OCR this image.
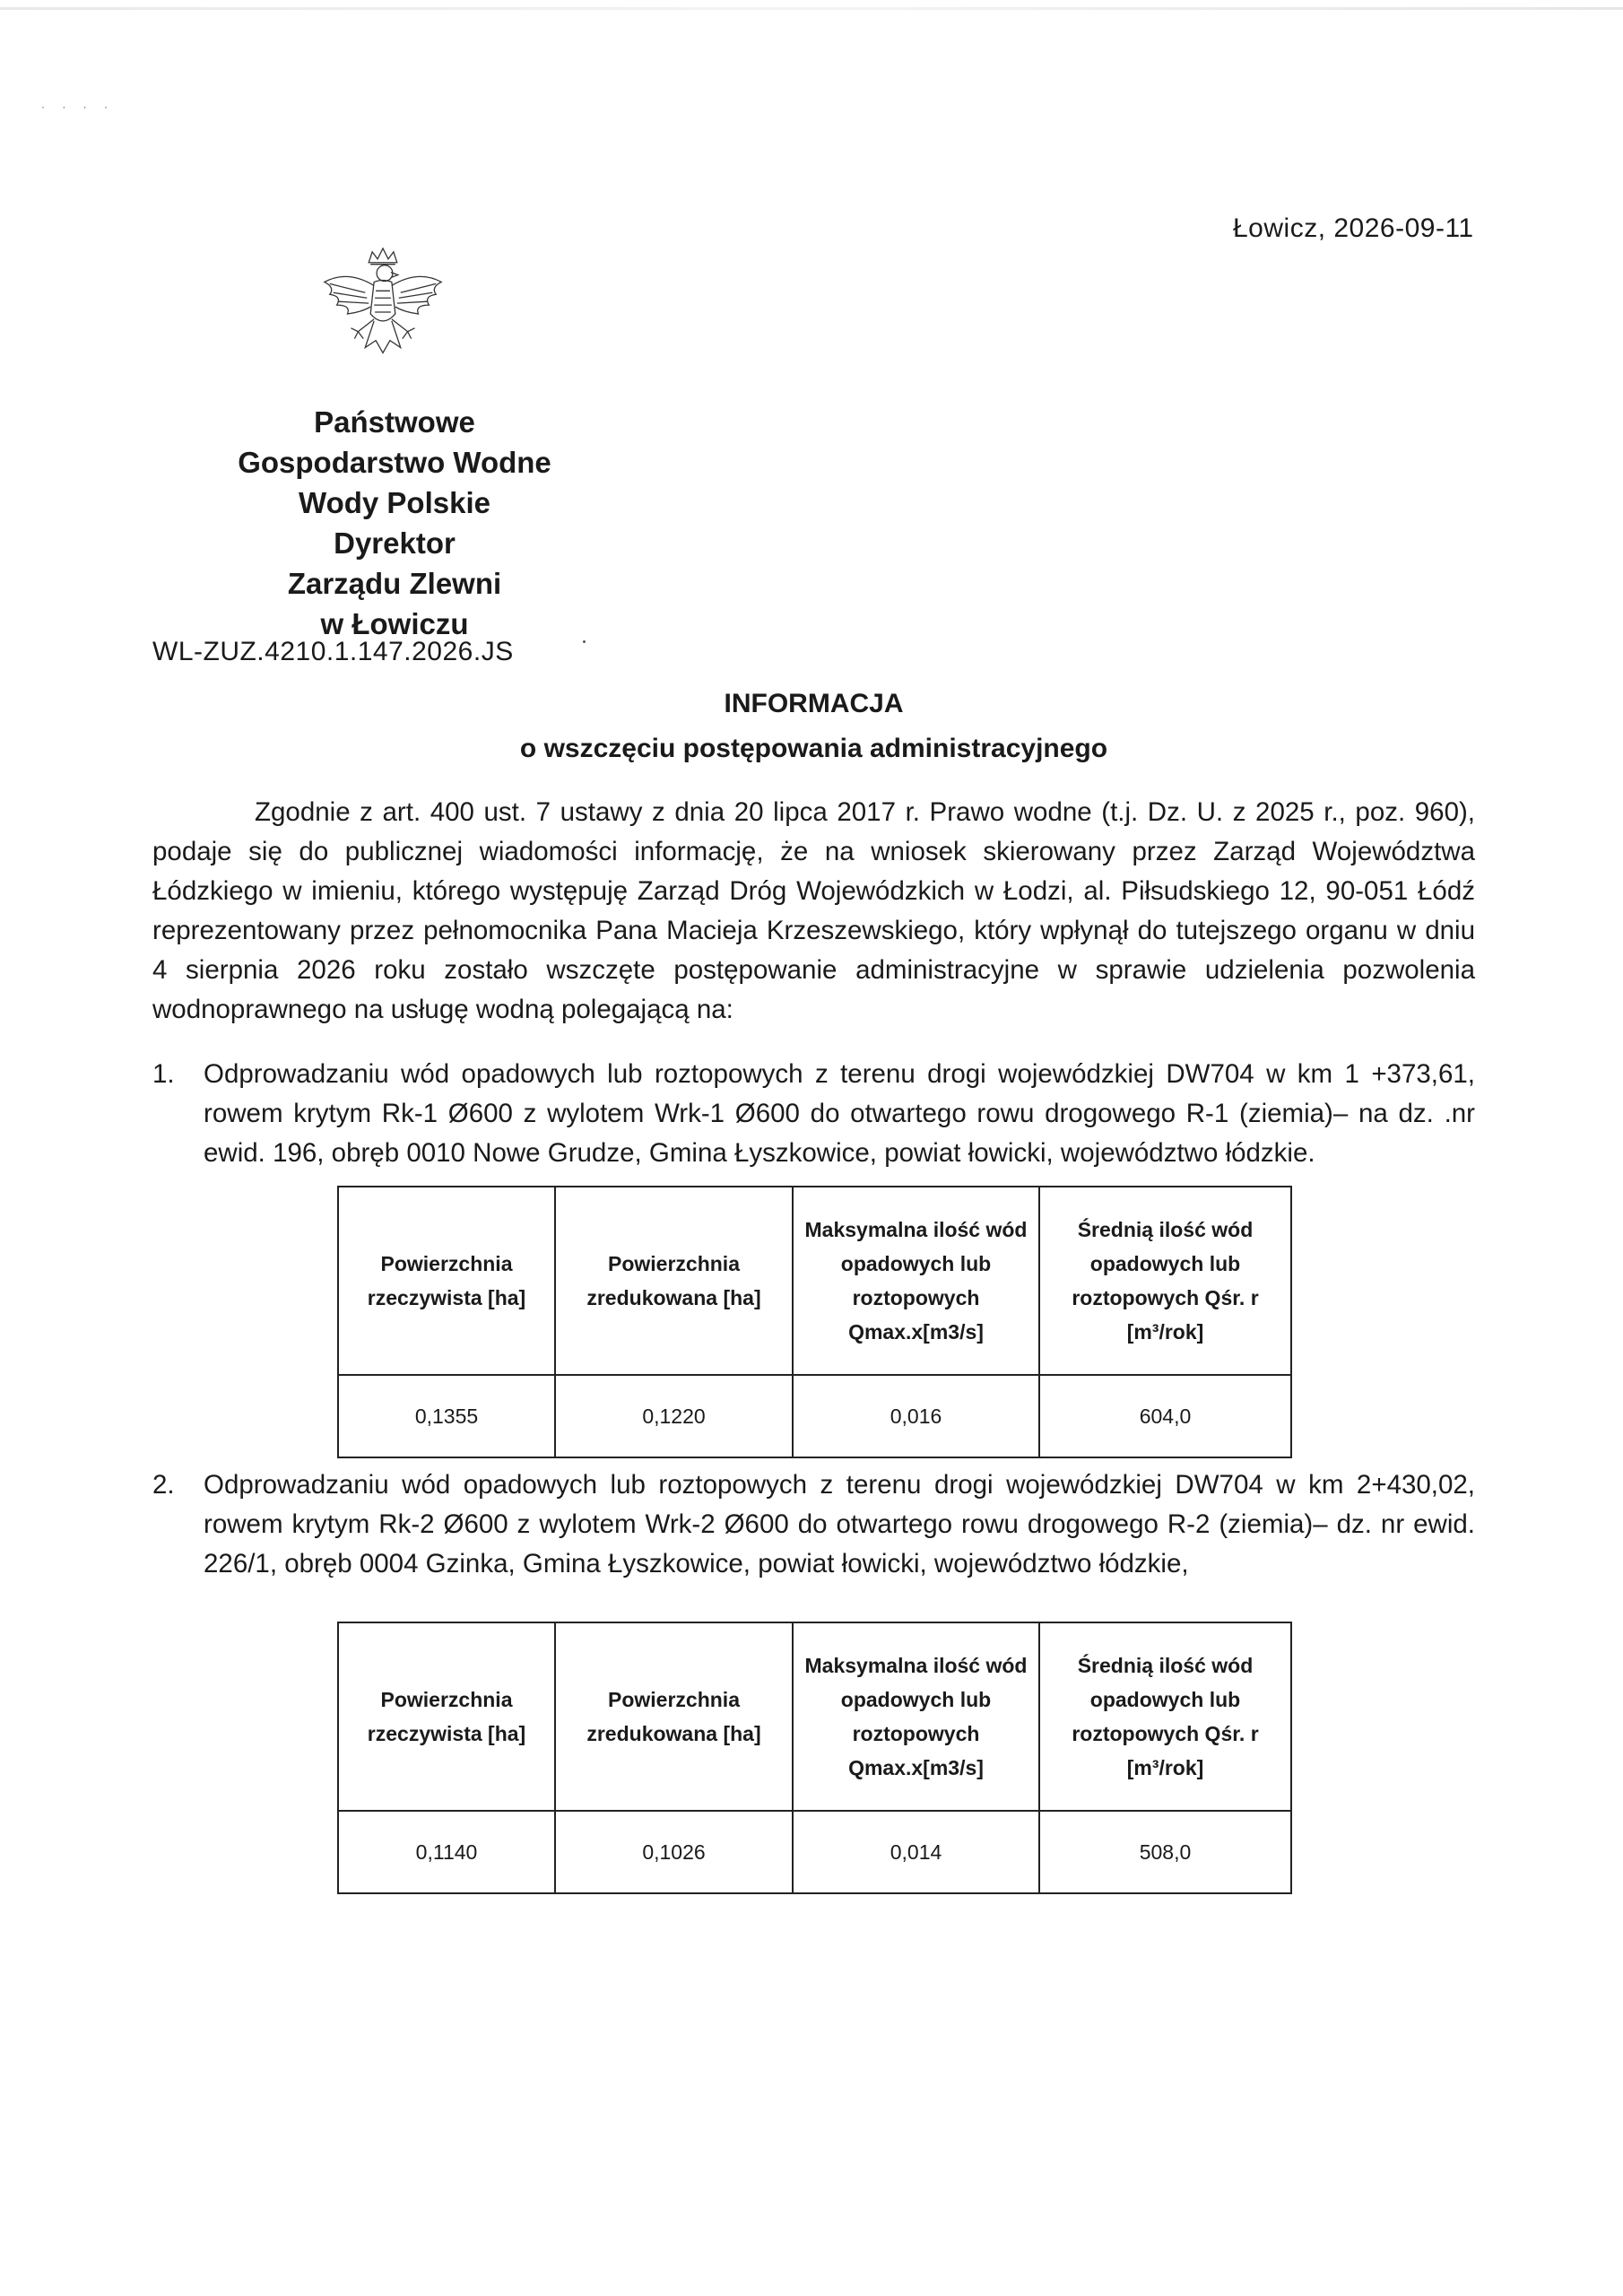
· · · ·
Łowicz, 2026-09-11
Państwowe
Gospodarstwo Wodne
Wody Polskie
Dyrektor
Zarządu Zlewni
w Łowiczu
WL-ZUZ.4210.1.147.2026.JS
INFORMACJA
o wszczęciu postępowania administracyjnego
Zgodnie z art. 400 ust. 7 ustawy z dnia 20 lipca 2017 r. Prawo wodne (t.j. Dz. U. z 2025 r., poz. 960), podaje się do publicznej wiadomości informację, że na wniosek skierowany przez Zarząd Województwa Łódzkiego w imieniu, którego występuję Zarząd Dróg Wojewódzkich w Łodzi, al. Piłsudskiego 12, 90-051 Łódź reprezentowany przez pełnomocnika Pana Macieja Krzeszewskiego, który wpłynął do tutejszego organu w dniu 4 sierpnia 2026 roku zostało wszczęte postępowanie administracyjne w sprawie udzielenia pozwolenia wodnoprawnego na usługę wodną polegającą na:
1.	Odprowadzaniu wód opadowych lub roztopowych z terenu drogi wojewódzkiej DW704 w km 1 +373,61, rowem krytym Rk-1 Ø600 z wylotem Wrk-1 Ø600 do otwartego rowu drogowego R-1 (ziemia)– na dz. .nr ewid. 196, obręb 0010 Nowe Grudze, Gmina Łyszkowice, powiat łowicki, województwo łódzkie.
Powierzchnia rzeczywista [ha]	Powierzchnia zredukowana [ha]	Maksymalna ilość wód opadowych lub roztopowych Qmax.x[m3/s]	Średnią ilość wód opadowych lub roztopowych Qśr. r [m³/rok]
0,1355	0,1220	0,016	604,0
2.	Odprowadzaniu wód opadowych lub roztopowych z terenu drogi wojewódzkiej DW704 w km 2+430,02, rowem krytym Rk-2 Ø600 z wylotem Wrk-2 Ø600 do otwartego rowu drogowego R-2 (ziemia)– dz. nr ewid. 226/1, obręb 0004 Gzinka, Gmina Łyszkowice, powiat łowicki, województwo łódzkie,
Powierzchnia rzeczywista [ha]	Powierzchnia zredukowana [ha]	Maksymalna ilość wód opadowych lub roztopowych Qmax.x[m3/s]	Średnią ilość wód opadowych lub roztopowych Qśr. r [m³/rok]
0,1140	0,1026	0,014	508,0
